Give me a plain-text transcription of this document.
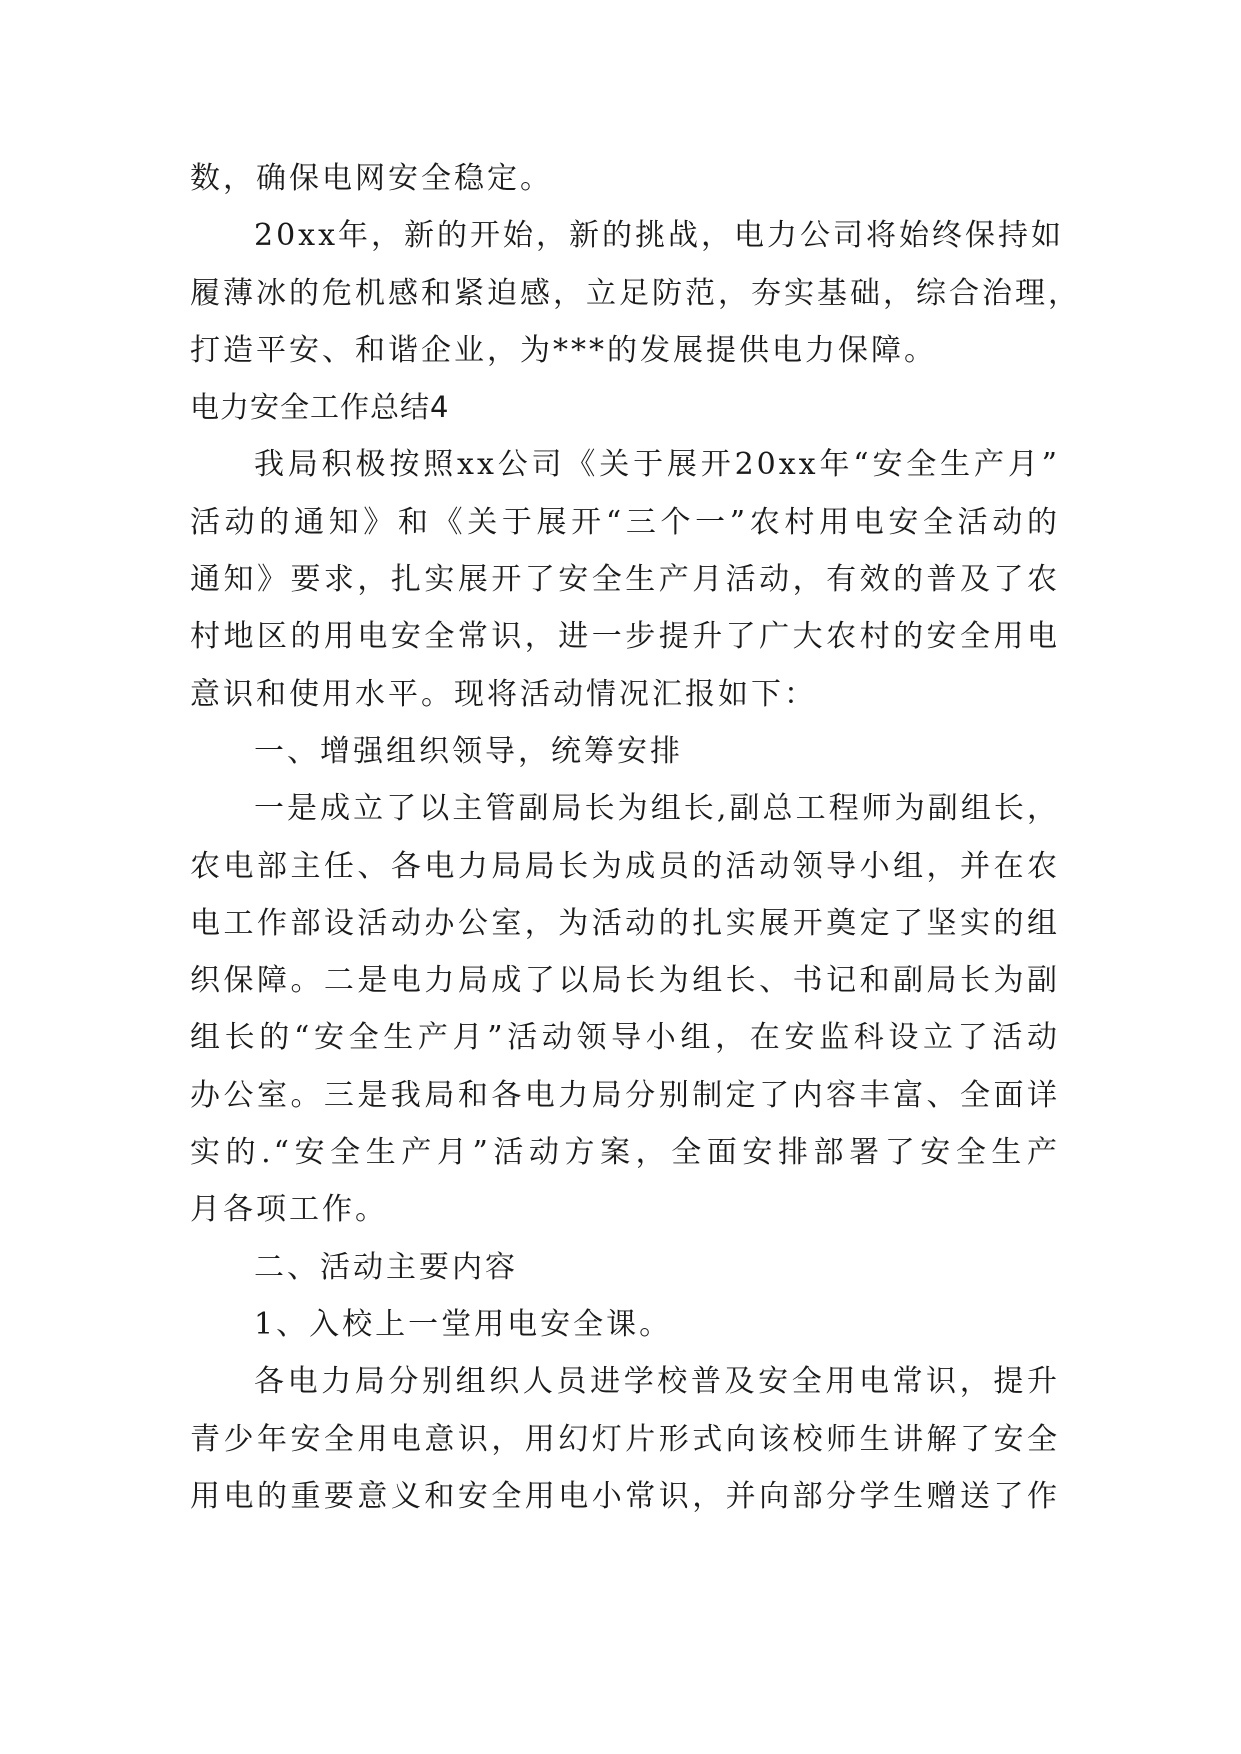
数，确保电网安全稳定。
20xx年，新的开始，新的挑战，电力公司将始终保持如
履薄冰的危机感和紧迫感，立足防范，夯实基础，综合治理，
打造平安、和谐企业，为***的发展提供电力保障。
电力安全工作总结4
我局积极按照xx公司《关于展开20xx年“安全生产月”
活动的通知》和《关于展开“三个一”农村用电安全活动的
通知》要求，扎实展开了安全生产月活动，有效的普及了农
村地区的用电安全常识，进一步提升了广大农村的安全用电
意识和使用水平。现将活动情况汇报如下：
一、增强组织领导，统筹安排
一是成立了以主管副局长为组长,副总工程师为副组长，
农电部主任、各电力局局长为成员的活动领导小组，并在农
电工作部设活动办公室，为活动的扎实展开奠定了坚实的组
织保障。二是电力局成了以局长为组长、书记和副局长为副
组长的“安全生产月”活动领导小组，在安监科设立了活动
办公室。三是我局和各电力局分别制定了内容丰富、全面详
实的.“安全生产月”活动方案，全面安排部署了安全生产
月各项工作。
二、活动主要内容
1、入校上一堂用电安全课。
各电力局分别组织人员进学校普及安全用电常识，提升
青少年安全用电意识，用幻灯片形式向该校师生讲解了安全
用电的重要意义和安全用电小常识，并向部分学生赠送了作
